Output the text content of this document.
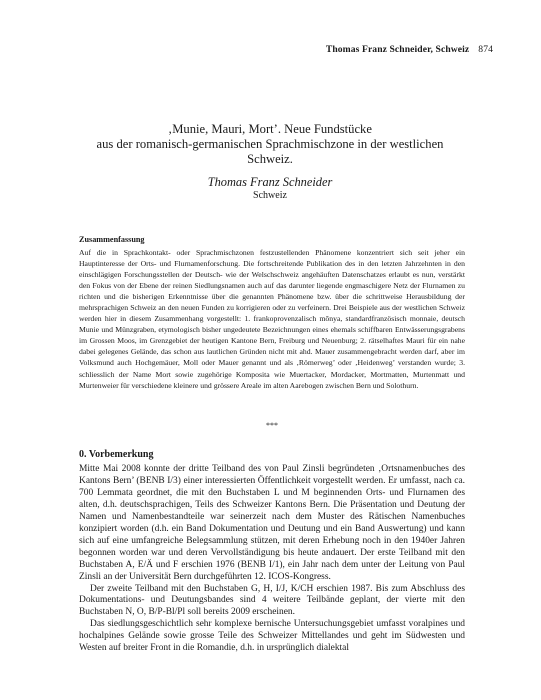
Thomas Franz Schneider, Schweiz 874
‚Munie, Mauri, Mort’. Neue Fundstücke
aus der romanisch-germanischen Sprachmischzone in der westlichen
Schweiz.
Thomas Franz Schneider
Schweiz
Zusammenfassung
Auf die in Sprachkontakt- oder Sprachmischzonen festzustellenden Phänomene konzentriert sich seit jeher ein Hauptinteresse der Orts- und Flurnamenforschung. Die fortschreitende Publikation des in den letzten Jahrzehnten in den einschlägigen Forschungsstellen der Deutsch- wie der Welschschweiz angehäuften Datenschatzes erlaubt es nun, verstärkt den Fokus von der Ebene der reinen Siedlungsnamen auch auf das darunter liegende engmaschigere Netz der Flurnamen zu richten und die bisherigen Erkenntnisse über die genannten Phänomene bzw. über die schrittweise Herausbildung der mehrsprachigen Schweiz an den neuen Funden zu korrigieren oder zu verfeinern. Drei Beispiele aus der westlichen Schweiz werden hier in diesem Zusammenhang vorgestellt: 1. frankoprovenzalisch mōnya, standardfranzösisch monnaie, deutsch Munie und Münzgraben, etymologisch bisher ungedeutete Bezeichnungen eines ehemals schiffbaren Entwässerungsgrabens im Grossen Moos, im Grenzgebiet der heutigen Kantone Bern, Freiburg und Neuenburg; 2. rätselhaftes Mauri für ein nahe dabei gelegenes Gelände, das schon aus lautlichen Gründen nicht mit ahd. Mauer zusammengebracht werden darf, aber im Volksmund auch Hochgemäuer, Moll oder Mauer genannt und als ‚Römerweg’ oder ‚Heidenweg’ verstanden wurde; 3. schliesslich der Name Mort sowie zugehörige Komposita wie Muertacker, Mordacker, Mortmatten, Murtenmatt und Murtenweier für verschiedene kleinere und grössere Areale im alten Aarebogen zwischen Bern und Solothurn.
***
0. Vorbemerkung

Mitte Mai 2008 konnte der dritte Teilband des von Paul Zinsli begründeten ‚Ortsnamenbuches des Kantons Bern’ (BENB I/3) einer interessierten Öffentlichkeit vorgestellt werden. Er umfasst, nach ca. 700 Lemmata geordnet, die mit den Buchstaben L und M beginnenden Orts- und Flurnamen des alten, d.h. deutschsprachigen, Teils des Schweizer Kantons Bern. Die Präsentation und Deutung der Namen und Namenbestandteile war seinerzeit nach dem Muster des Rätischen Namenbuches konzipiert worden (d.h. ein Band Dokumentation und Deutung und ein Band Auswertung) und kann sich auf eine umfangreiche Belegsammlung stützen, mit deren Erhebung noch in den 1940er Jahren begonnen worden war und deren Vervollständigung bis heute andauert. Der erste Teilband mit den Buchstaben A, E/Ä und F erschien 1976 (BENB I/1), ein Jahr nach dem unter der Leitung von Paul Zinsli an der Universität Bern durchgeführten 12. ICOS-Kongress.

Der zweite Teilband mit den Buchstaben G, H, I/J, K/CH erschien 1987. Bis zum Abschluss des Dokumentations- und Deutungsbandes sind 4 weitere Teilbände geplant, der vierte mit den Buchstaben N, O, B/P-Bl/Pl soll bereits 2009 erscheinen.

Das siedlungsgeschichtlich sehr komplexe bernische Untersuchungsgebiet umfasst voralpines und hochalpines Gelände sowie grosse Teile des Schweizer Mittellandes und geht im Südwesten und Westen auf breiter Front in die Romandie, d.h. in ursprünglich dialektal
